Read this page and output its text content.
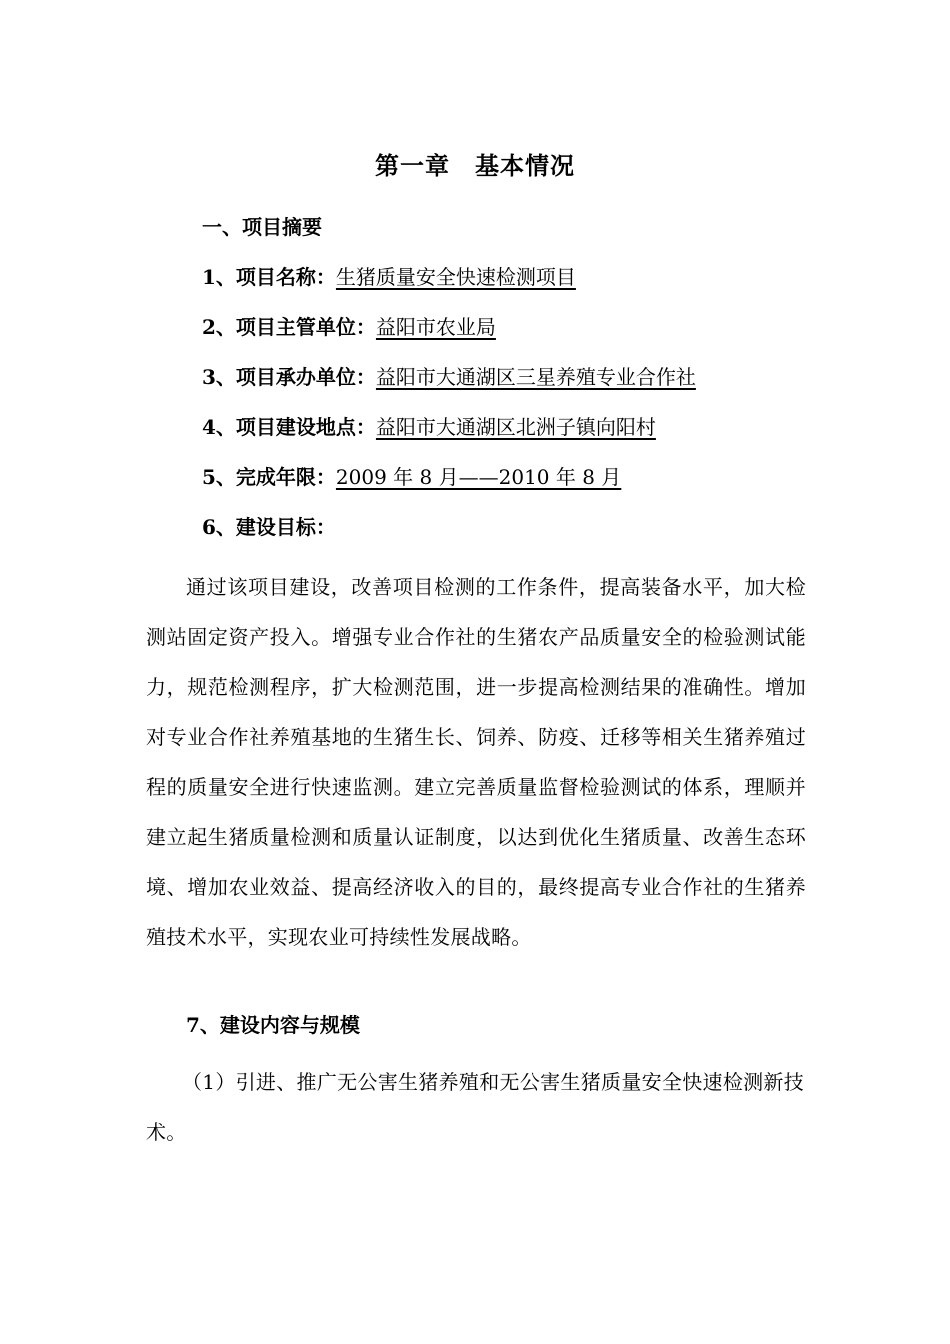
第一章　基本情况
一、项目摘要
1、项目名称：生猪质量安全快速检测项目
2、项目主管单位：益阳市农业局
3、项目承办单位：益阳市大通湖区三星养殖专业合作社
4、项目建设地点：益阳市大通湖区北洲子镇向阳村
5、完成年限：2009 年 8 月——2010 年 8 月
6、建设目标：
通过该项目建设，改善项目检测的工作条件，提高装备水平，加大检测站固定资产投入。增强专业合作社的生猪农产品质量安全的检验测试能力，规范检测程序，扩大检测范围，进一步提高检测结果的准确性。增加对专业合作社养殖基地的生猪生长、饲养、防疫、迁移等相关生猪养殖过程的质量安全进行快速监测。建立完善质量监督检验测试的体系，理顺并建立起生猪质量检测和质量认证制度，以达到优化生猪质量、改善生态环境、增加农业效益、提高经济收入的目的，最终提高专业合作社的生猪养殖技术水平，实现农业可持续性发展战略。
7、建设内容与规模
（1）引进、推广无公害生猪养殖和无公害生猪质量安全快速检测新技术。
